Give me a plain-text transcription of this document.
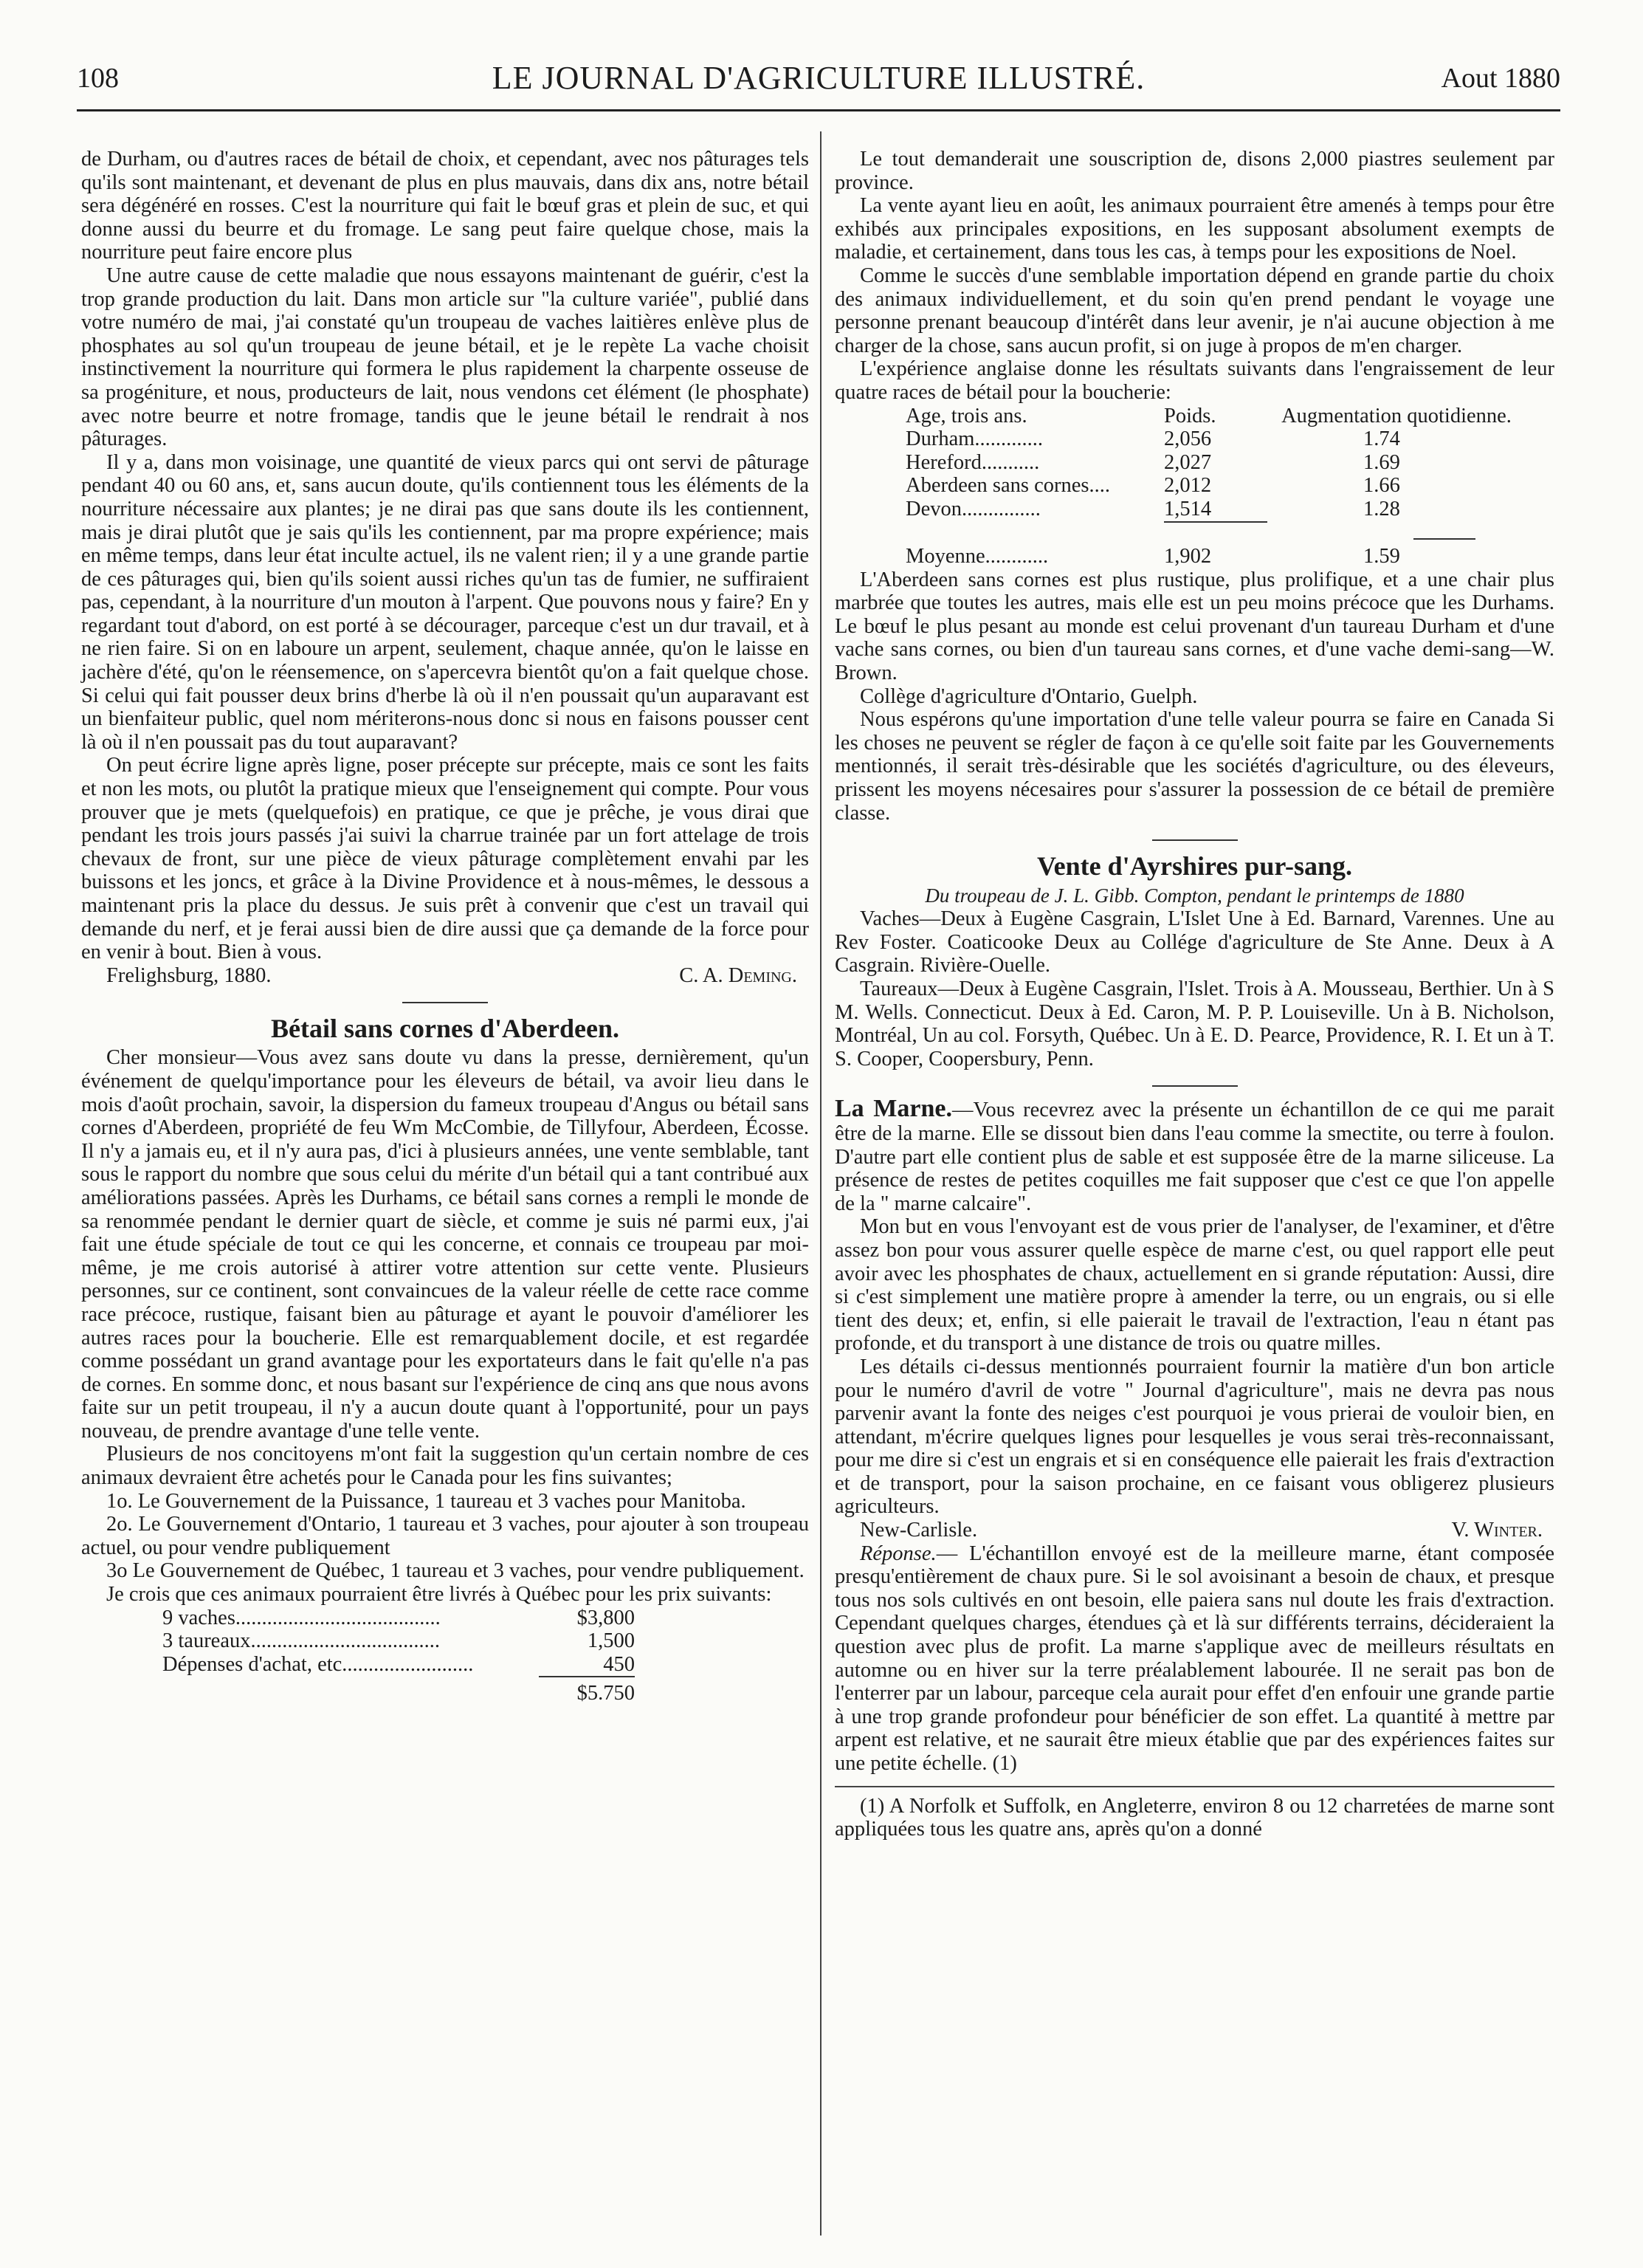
108	LE JOURNAL D'AGRICULTURE ILLUSTRÉ.	Aout 1880

de Durham, ou d'autres races de bétail de choix, et cependant, avec nos pâturages tels qu'ils sont maintenant, et devenant de plus en plus mauvais, dans dix ans, notre bétail sera dégénéré en rosses. C'est la nourriture qui fait le bœuf gras et plein de suc, et qui donne aussi du beurre et du fromage. Le sang peut faire quelque chose, mais la nourriture peut faire encore plus

Une autre cause de cette maladie que nous essayons maintenant de guérir, c'est la trop grande production du lait. Dans mon article sur "la culture variée", publié dans votre numéro de mai, j'ai constaté qu'un troupeau de vaches laitières enlève plus de phosphates au sol qu'un troupeau de jeune bétail, et je le repète La vache choisit instinctivement la nourriture qui formera le plus rapidement la charpente osseuse de sa progéniture, et nous, producteurs de lait, nous vendons cet élément (le phosphate) avec notre beurre et notre fromage, tandis que le jeune bétail le rendrait à nos pâturages.

Il y a, dans mon voisinage, une quantité de vieux parcs qui ont servi de pâturage pendant 40 ou 60 ans, et, sans aucun doute, qu'ils contiennent tous les éléments de la nourriture nécessaire aux plantes; je ne dirai pas que sans doute ils les contiennent, mais je dirai plutôt que je sais qu'ils les contiennent, par ma propre expérience; mais en même temps, dans leur état inculte actuel, ils ne valent rien; il y a une grande partie de ces pâturages qui, bien qu'ils soient aussi riches qu'un tas de fumier, ne suffiraient pas, cependant, à la nourriture d'un mouton à l'arpent. Que pouvons nous y faire? En y regardant tout d'abord, on est porté à se décourager, parceque c'est un dur travail, et à ne rien faire. Si on en laboure un arpent, seulement, chaque année, qu'on le laisse en jachère d'été, qu'on le réensemence, on s'apercevra bientôt qu'on a fait quelque chose. Si celui qui fait pousser deux brins d'herbe là où il n'en poussait qu'un auparavant est un bienfaiteur public, quel nom mériterons-nous donc si nous en faisons pousser cent là où il n'en poussait pas du tout auparavant?

On peut écrire ligne après ligne, poser précepte sur précepte, mais ce sont les faits et non les mots, ou plutôt la pratique mieux que l'enseignement qui compte. Pour vous prouver que je mets (quelquefois) en pratique, ce que je prêche, je vous dirai que pendant les trois jours passés j'ai suivi la charrue trainée par un fort attelage de trois chevaux de front, sur une pièce de vieux pâturage complètement envahi par les buissons et les joncs, et grâce à la Divine Providence et à nous-mêmes, le dessous a maintenant pris la place du dessus. Je suis prêt à convenir que c'est un travail qui demande du nerf, et je ferai aussi bien de dire aussi que ça demande de la force pour en venir à bout. Bien à vous.

Frelighsburg, 1880.	C. A. Deming.
Bétail sans cornes d'Aberdeen.

Cher monsieur—Vous avez sans doute vu dans la presse, dernièrement, qu'un événement de quelqu'importance pour les éleveurs de bétail, va avoir lieu dans le mois d'août prochain, savoir, la dispersion du fameux troupeau d'Angus ou bétail sans cornes d'Aberdeen, propriété de feu Wm McCombie, de Tillyfour, Aberdeen, Écosse. Il n'y a jamais eu, et il n'y aura pas, d'ici à plusieurs années, une vente semblable, tant sous le rapport du nombre que sous celui du mérite d'un bétail qui a tant contribué aux améliorations passées. Après les Durhams, ce bétail sans cornes a rempli le monde de sa renommée pendant le dernier quart de siècle, et comme je suis né parmi eux, j'ai fait une étude spéciale de tout ce qui les concerne, et connais ce troupeau par moi-même, je me crois autorisé à attirer votre attention sur cette vente. Plusieurs personnes, sur ce continent, sont convaincues de la valeur réelle de cette race comme race précoce, rustique, faisant bien au pâturage et ayant le pouvoir d'améliorer les autres races pour la boucherie. Elle est remarquablement docile, et est regardée comme possédant un grand avantage pour les exportateurs dans le fait qu'elle n'a pas de cornes. En somme donc, et nous basant sur l'expérience de cinq ans que nous avons faite sur un petit troupeau, il n'y a aucun doute quant à l'opportunité, pour un pays nouveau, de prendre avantage d'une telle vente.

Plusieurs de nos concitoyens m'ont fait la suggestion qu'un certain nombre de ces animaux devraient être achetés pour le Canada pour les fins suivantes;

1o. Le Gouvernement de la Puissance, 1 taureau et 3 vaches pour Manitoba.

2o. Le Gouvernement d'Ontario, 1 taureau et 3 vaches, pour ajouter à son troupeau actuel, ou pour vendre publiquement

3o Le Gouvernement de Québec, 1 taureau et 3 vaches, pour vendre publiquement.

Je crois que ces animaux pourraient être livrés à Québec pour les prix suivants:

9 vaches.......................................	$3,800
3 taureaux....................................	1,500
Dépenses d'achat, etc.........................	450
	$5.750

Le tout demanderait une souscription de, disons 2,000 piastres seulement par province.

La vente ayant lieu en août, les animaux pourraient être amenés à temps pour être exhibés aux principales expositions, en les supposant absolument exempts de maladie, et certainement, dans tous les cas, à temps pour les expositions de Noel.

Comme le succès d'une semblable importation dépend en grande partie du choix des animaux individuellement, et du soin qu'en prend pendant le voyage une personne prenant beaucoup d'intérêt dans leur avenir, je n'ai aucune objection à me charger de la chose, sans aucun profit, si on juge à propos de m'en charger.

L'expérience anglaise donne les résultats suivants dans l'engraissement de leur quatre races de bétail pour la boucherie:

Age, trois ans.	Poids.	Augmentation quotidienne.
Durham.............	2,056	1.74
Hereford...........	2,027	1.69
Aberdeen sans cornes....	2,012	1.66
Devon...............	1,514	1.28

Moyenne............	1,902	1.59

L'Aberdeen sans cornes est plus rustique, plus prolifique, et a une chair plus marbrée que toutes les autres, mais elle est un peu moins précoce que les Durhams. Le bœuf le plus pesant au monde est celui provenant d'un taureau Durham et d'une vache sans cornes, ou bien d'un taureau sans cornes, et d'une vache demi-sang—W. Brown.

Collège d'agriculture d'Ontario, Guelph.

Nous espérons qu'une importation d'une telle valeur pourra se faire en Canada Si les choses ne peuvent se régler de façon à ce qu'elle soit faite par les Gouvernements mentionnés, il serait très-désirable que les sociétés d'agriculture, ou des éleveurs, prissent les moyens nécesaires pour s'assurer la possession de ce bétail de première classe.

Vente d'Ayrshires pur-sang.
Du troupeau de J. L. Gibb. Compton, pendant le printemps de 1880

Vaches—Deux à Eugène Casgrain, L'Islet Une à Ed. Barnard, Varennes. Une au Rev Foster. Coaticooke Deux au Collége d'agriculture de Ste Anne. Deux à A Casgrain. Rivière-Ouelle.

Taureaux—Deux à Eugène Casgrain, l'Islet. Trois à A. Mousseau, Berthier. Un à S M. Wells. Connecticut. Deux à Ed. Caron, M. P. P. Louiseville. Un à B. Nicholson, Montréal, Un au col. Forsyth, Québec. Un à E. D. Pearce, Providence, R. I. Et un à T. S. Cooper, Coopersbury, Penn.

La Marne.—Vous recevrez avec la présente un échantillon de ce qui me parait être de la marne. Elle se dissout bien dans l'eau comme la smectite, ou terre à foulon. D'autre part elle contient plus de sable et est supposée être de la marne siliceuse. La présence de restes de petites coquilles me fait supposer que c'est ce que l'on appelle de la " marne calcaire".

Mon but en vous l'envoyant est de vous prier de l'analyser, de l'examiner, et d'être assez bon pour vous assurer quelle espèce de marne c'est, ou quel rapport elle peut avoir avec les phosphates de chaux, actuellement en si grande réputation: Aussi, dire si c'est simplement une matière propre à amender la terre, ou un engrais, ou si elle tient des deux; et, enfin, si elle paierait le travail de l'extraction, l'eau n étant pas profonde, et du transport à une distance de trois ou quatre milles.

Les détails ci-dessus mentionnés pourraient fournir la matière d'un bon article pour le numéro d'avril de votre " Journal d'agriculture", mais ne devra pas nous parvenir avant la fonte des neiges c'est pourquoi je vous prierai de vouloir bien, en attendant, m'écrire quelques lignes pour lesquelles je vous serai très-reconnaissant, pour me dire si c'est un engrais et si en conséquence elle paierait les frais d'extraction et de transport, pour la saison prochaine, en ce faisant vous obligerez plusieurs agriculteurs.

New-Carlisle.	V. Winter.

Réponse.— L'échantillon envoyé est de la meilleure marne, étant composée presqu'entièrement de chaux pure. Si le sol avoisinant a besoin de chaux, et presque tous nos sols cultivés en ont besoin, elle paiera sans nul doute les frais d'extraction. Cependant quelques charges, étendues çà et là sur différents terrains, décideraient la question avec plus de profit. La marne s'applique avec de meilleurs résultats en automne ou en hiver sur la terre préalablement labourée. Il ne serait pas bon de l'enterrer par un labour, parceque cela aurait pour effet d'en enfouir une grande partie à une trop grande profondeur pour bénéficier de son effet. La quantité à mettre par arpent est relative, et ne saurait être mieux établie que par des expériences faites sur une petite échelle. (1)

(1) A Norfolk et Suffolk, en Angleterre, environ 8 ou 12 charretées de marne sont appliquées tous les quatre ans, après qu'on a donné
